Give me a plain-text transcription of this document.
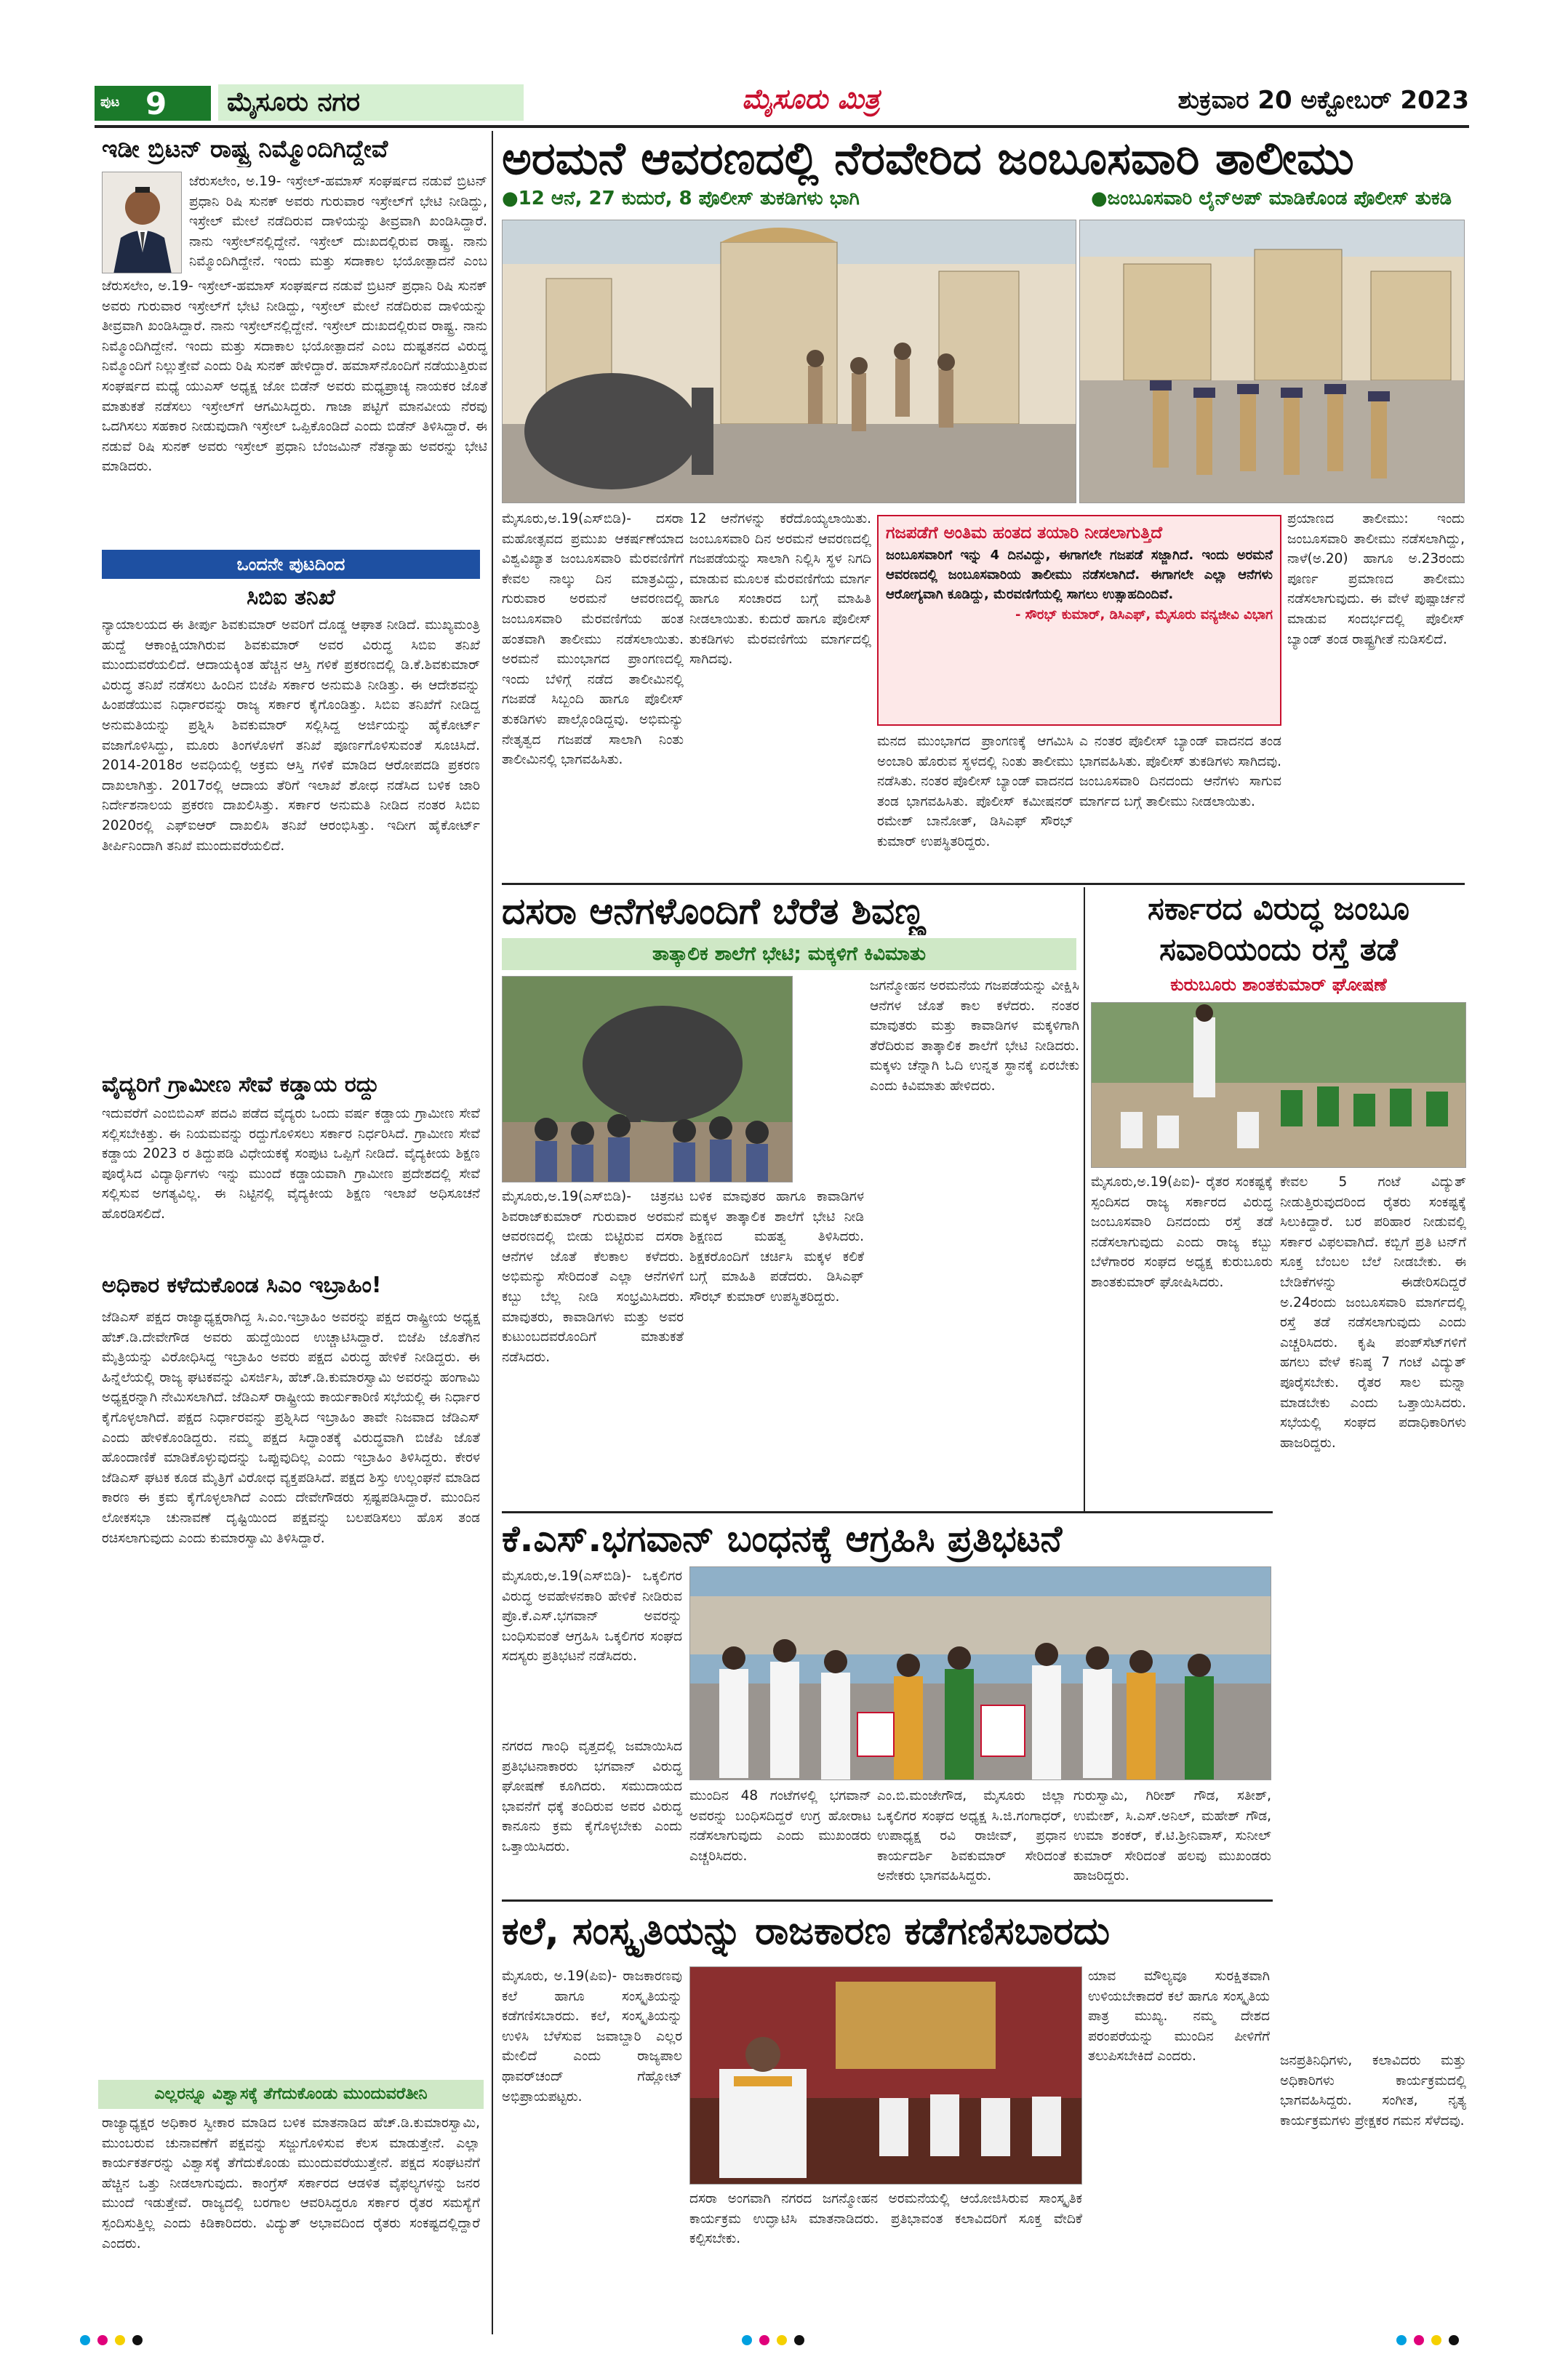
ಪುಟ 9	ಮೈಸೂರು ನಗರ	ಮೈಸೂರು ಮಿತ್ರ	ಶುಕ್ರವಾರ 20 ಅಕ್ಟೋಬರ್ 2023
ಇಡೀ ಬ್ರಿಟನ್ ರಾಷ್ಟ್ರ ನಿಮ್ಮೊಂದಿಗಿದ್ದೇವೆ
ಜೆರುಸಲೇಂ, ಅ.19- ಇಸ್ರೇಲ್-ಹಮಾಸ್ ಸಂಘರ್ಷದ ನಡುವೆ ಬ್ರಿಟನ್ ಪ್ರಧಾನಿ ರಿಷಿ ಸುನಕ್ ಅವರು ಗುರುವಾರ ಇಸ್ರೇಲ್‌ಗೆ ಭೇಟಿ ನೀಡಿದ್ದು, ಇಸ್ರೇಲ್ ಮೇಲೆ ನಡೆದಿರುವ ದಾಳಿಯನ್ನು ತೀವ್ರವಾಗಿ ಖಂಡಿಸಿದ್ದಾರೆ. ನಾನು ಇಸ್ರೇಲ್‌ನಲ್ಲಿದ್ದೇನೆ. ಇಸ್ರೇಲ್ ದುಃಖದಲ್ಲಿರುವ ರಾಷ್ಟ್ರ. ನಾನು ನಿಮ್ಮೊಂದಿಗಿದ್ದೇನೆ. ಇಂದು ಮತ್ತು ಸದಾಕಾಲ ಭಯೋತ್ಪಾದನೆ ಎಂಬ
ಜೆರುಸಲೇಂ, ಅ.19- ಇಸ್ರೇಲ್-ಹಮಾಸ್ ಸಂಘರ್ಷದ ನಡುವೆ ಬ್ರಿಟನ್ ಪ್ರಧಾನಿ ರಿಷಿ ಸುನಕ್ ಅವರು ಗುರುವಾರ ಇಸ್ರೇಲ್‌ಗೆ ಭೇಟಿ ನೀಡಿದ್ದು, ಇಸ್ರೇಲ್ ಮೇಲೆ ನಡೆದಿರುವ ದಾಳಿಯನ್ನು ತೀವ್ರವಾಗಿ ಖಂಡಿಸಿದ್ದಾರೆ. ನಾನು ಇಸ್ರೇಲ್‌ನಲ್ಲಿದ್ದೇನೆ. ಇಸ್ರೇಲ್ ದುಃಖದಲ್ಲಿರುವ ರಾಷ್ಟ್ರ. ನಾನು ನಿಮ್ಮೊಂದಿಗಿದ್ದೇನೆ. ಇಂದು ಮತ್ತು ಸದಾಕಾಲ ಭಯೋತ್ಪಾದನೆ ಎಂಬ ದುಷ್ಟತನದ ವಿರುದ್ಧ ನಿಮ್ಮೊಂದಿಗೆ ನಿಲ್ಲುತ್ತೇವೆ ಎಂದು ರಿಷಿ ಸುನಕ್ ಹೇಳಿದ್ದಾರೆ. ಹಮಾಸ್‌ನೊಂದಿಗೆ ನಡೆಯುತ್ತಿರುವ ಸಂಘರ್ಷದ ಮಧ್ಯೆ ಯುಎಸ್ ಅಧ್ಯಕ್ಷ ಜೋ ಬಿಡೆನ್ ಅವರು ಮಧ್ಯಪ್ರಾಚ್ಯ ನಾಯಕರ ಜೊತೆ ಮಾತುಕತೆ ನಡೆಸಲು ಇಸ್ರೇಲ್‌ಗೆ ಆಗಮಿಸಿದ್ದರು. ಗಾಜಾ ಪಟ್ಟಿಗೆ ಮಾನವೀಯ ನೆರವು ಒದಗಿಸಲು ಸಹಕಾರ ನೀಡುವುದಾಗಿ ಇಸ್ರೇಲ್ ಒಪ್ಪಿಕೊಂಡಿದೆ ಎಂದು ಬಿಡೆನ್ ತಿಳಿಸಿದ್ದಾರೆ. ಈ ನಡುವೆ ರಿಷಿ ಸುನಕ್ ಅವರು ಇಸ್ರೇಲ್ ಪ್ರಧಾನಿ ಬೆಂಜಮಿನ್ ನೆತನ್ಯಾಹು ಅವರನ್ನು ಭೇಟಿ ಮಾಡಿದರು.
ಒಂದನೇ ಪುಟದಿಂದ
ಸಿಬಿಐ ತನಿಖೆ
ನ್ಯಾಯಾಲಯದ ಈ ತೀರ್ಪು ಶಿವಕುಮಾರ್ ಅವರಿಗೆ ದೊಡ್ಡ ಆಘಾತ ನೀಡಿದೆ. ಮುಖ್ಯಮಂತ್ರಿ ಹುದ್ದೆ ಆಕಾಂಕ್ಷಿಯಾಗಿರುವ ಶಿವಕುಮಾರ್ ಅವರ ವಿರುದ್ಧ ಸಿಬಿಐ ತನಿಖೆ ಮುಂದುವರೆಯಲಿದೆ. ಆದಾಯಕ್ಕಿಂತ ಹೆಚ್ಚಿನ ಆಸ್ತಿ ಗಳಿಕೆ ಪ್ರಕರಣದಲ್ಲಿ ಡಿ.ಕೆ.ಶಿವಕುಮಾರ್ ವಿರುದ್ಧ ತನಿಖೆ ನಡೆಸಲು ಹಿಂದಿನ ಬಿಜೆಪಿ ಸರ್ಕಾರ ಅನುಮತಿ ನೀಡಿತ್ತು. ಈ ಆದೇಶವನ್ನು ಹಿಂಪಡೆಯುವ ನಿರ್ಧಾರವನ್ನು ರಾಜ್ಯ ಸರ್ಕಾರ ಕೈಗೊಂಡಿತ್ತು. ಸಿಬಿಐ ತನಿಖೆಗೆ ನೀಡಿದ್ದ ಅನುಮತಿಯನ್ನು ಪ್ರಶ್ನಿಸಿ ಶಿವಕುಮಾರ್ ಸಲ್ಲಿಸಿದ್ದ ಅರ್ಜಿಯನ್ನು ಹೈಕೋರ್ಟ್ ವಜಾಗೊಳಿಸಿದ್ದು, ಮೂರು ತಿಂಗಳೊಳಗೆ ತನಿಖೆ ಪೂರ್ಣಗೊಳಿಸುವಂತೆ ಸೂಚಿಸಿದೆ. 2014-2018ರ ಅವಧಿಯಲ್ಲಿ ಅಕ್ರಮ ಆಸ್ತಿ ಗಳಿಕೆ ಮಾಡಿದ ಆರೋಪದಡಿ ಪ್ರಕರಣ ದಾಖಲಾಗಿತ್ತು. 2017ರಲ್ಲಿ ಆದಾಯ ತೆರಿಗೆ ಇಲಾಖೆ ಶೋಧ ನಡೆಸಿದ ಬಳಿಕ ಜಾರಿ ನಿರ್ದೇಶನಾಲಯ ಪ್ರಕರಣ ದಾಖಲಿಸಿತ್ತು. ಸರ್ಕಾರ ಅನುಮತಿ ನೀಡಿದ ನಂತರ ಸಿಬಿಐ 2020ರಲ್ಲಿ ಎಫ್‌ಐಆರ್ ದಾಖಲಿಸಿ ತನಿಖೆ ಆರಂಭಿಸಿತ್ತು. ಇದೀಗ ಹೈಕೋರ್ಟ್ ತೀರ್ಪಿನಿಂದಾಗಿ ತನಿಖೆ ಮುಂದುವರೆಯಲಿದೆ.
ವೈದ್ಯರಿಗೆ ಗ್ರಾಮೀಣ ಸೇವೆ ಕಡ್ಡಾಯ ರದ್ದು
ಇದುವರೆಗೆ ಎಂಬಿಬಿಎಸ್ ಪದವಿ ಪಡೆದ ವೈದ್ಯರು ಒಂದು ವರ್ಷ ಕಡ್ಡಾಯ ಗ್ರಾಮೀಣ ಸೇವೆ ಸಲ್ಲಿಸಬೇಕಿತ್ತು. ಈ ನಿಯಮವನ್ನು ರದ್ದುಗೊಳಿಸಲು ಸರ್ಕಾರ ನಿರ್ಧರಿಸಿದೆ. ಗ್ರಾಮೀಣ ಸೇವೆ ಕಡ್ಡಾಯ 2023 ರ ತಿದ್ದುಪಡಿ ವಿಧೇಯಕಕ್ಕೆ ಸಂಪುಟ ಒಪ್ಪಿಗೆ ನೀಡಿದೆ. ವೈದ್ಯಕೀಯ ಶಿಕ್ಷಣ ಪೂರೈಸಿದ ವಿದ್ಯಾರ್ಥಿಗಳು ಇನ್ನು ಮುಂದೆ ಕಡ್ಡಾಯವಾಗಿ ಗ್ರಾಮೀಣ ಪ್ರದೇಶದಲ್ಲಿ ಸೇವೆ ಸಲ್ಲಿಸುವ ಅಗತ್ಯವಿಲ್ಲ. ಈ ನಿಟ್ಟಿನಲ್ಲಿ ವೈದ್ಯಕೀಯ ಶಿಕ್ಷಣ ಇಲಾಖೆ ಅಧಿಸೂಚನೆ ಹೊರಡಿಸಲಿದೆ.
ಅಧಿಕಾರ ಕಳೆದುಕೊಂಡ ಸಿಎಂ ಇಬ್ರಾಹಿಂ!
ಜೆಡಿಎಸ್ ಪಕ್ಷದ ರಾಜ್ಯಾಧ್ಯಕ್ಷರಾಗಿದ್ದ ಸಿ.ಎಂ.ಇಬ್ರಾಹಿಂ ಅವರನ್ನು ಪಕ್ಷದ ರಾಷ್ಟ್ರೀಯ ಅಧ್ಯಕ್ಷ ಹೆಚ್.ಡಿ.ದೇವೇಗೌಡ ಅವರು ಹುದ್ದೆಯಿಂದ ಉಚ್ಚಾಟಿಸಿದ್ದಾರೆ. ಬಿಜೆಪಿ ಜೊತೆಗಿನ ಮೈತ್ರಿಯನ್ನು ವಿರೋಧಿಸಿದ್ದ ಇಬ್ರಾಹಿಂ ಅವರು ಪಕ್ಷದ ವಿರುದ್ಧ ಹೇಳಿಕೆ ನೀಡಿದ್ದರು. ಈ ಹಿನ್ನೆಲೆಯಲ್ಲಿ ರಾಜ್ಯ ಘಟಕವನ್ನು ವಿಸರ್ಜಿಸಿ, ಹೆಚ್.ಡಿ.ಕುಮಾರಸ್ವಾಮಿ ಅವರನ್ನು ಹಂಗಾಮಿ ಅಧ್ಯಕ್ಷರನ್ನಾಗಿ ನೇಮಿಸಲಾಗಿದೆ. ಜೆಡಿಎಸ್ ರಾಷ್ಟ್ರೀಯ ಕಾರ್ಯಕಾರಿಣಿ ಸಭೆಯಲ್ಲಿ ಈ ನಿರ್ಧಾರ ಕೈಗೊಳ್ಳಲಾಗಿದೆ. ಪಕ್ಷದ ನಿರ್ಧಾರವನ್ನು ಪ್ರಶ್ನಿಸಿದ ಇಬ್ರಾಹಿಂ ತಾವೇ ನಿಜವಾದ ಜೆಡಿಎಸ್ ಎಂದು ಹೇಳಿಕೊಂಡಿದ್ದರು. ನಮ್ಮ ಪಕ್ಷದ ಸಿದ್ಧಾಂತಕ್ಕೆ ವಿರುದ್ಧವಾಗಿ ಬಿಜೆಪಿ ಜೊತೆ ಹೊಂದಾಣಿಕೆ ಮಾಡಿಕೊಳ್ಳುವುದನ್ನು ಒಪ್ಪುವುದಿಲ್ಲ ಎಂದು ಇಬ್ರಾಹಿಂ ತಿಳಿಸಿದ್ದರು. ಕೇರಳ ಜೆಡಿಎಸ್ ಘಟಕ ಕೂಡ ಮೈತ್ರಿಗೆ ವಿರೋಧ ವ್ಯಕ್ತಪಡಿಸಿದೆ. ಪಕ್ಷದ ಶಿಸ್ತು ಉಲ್ಲಂಘನೆ ಮಾಡಿದ ಕಾರಣ ಈ ಕ್ರಮ ಕೈಗೊಳ್ಳಲಾಗಿದೆ ಎಂದು ದೇವೇಗೌಡರು ಸ್ಪಷ್ಟಪಡಿಸಿದ್ದಾರೆ. ಮುಂದಿನ ಲೋಕಸಭಾ ಚುನಾವಣೆ ದೃಷ್ಟಿಯಿಂದ ಪಕ್ಷವನ್ನು ಬಲಪಡಿಸಲು ಹೊಸ ತಂಡ ರಚಿಸಲಾಗುವುದು ಎಂದು ಕುಮಾರಸ್ವಾಮಿ ತಿಳಿಸಿದ್ದಾರೆ.
ಎಲ್ಲರನ್ನೂ ವಿಶ್ವಾಸಕ್ಕೆ ತೆಗೆದುಕೊಂಡು ಮುಂದುವರೆತೀನಿ
ರಾಜ್ಯಾಧ್ಯಕ್ಷರ ಅಧಿಕಾರ ಸ್ವೀಕಾರ ಮಾಡಿದ ಬಳಿಕ ಮಾತನಾಡಿದ ಹೆಚ್.ಡಿ.ಕುಮಾರಸ್ವಾಮಿ, ಮುಂಬರುವ ಚುನಾವಣೆಗೆ ಪಕ್ಷವನ್ನು ಸಜ್ಜುಗೊಳಿಸುವ ಕೆಲಸ ಮಾಡುತ್ತೇನೆ. ಎಲ್ಲಾ ಕಾರ್ಯಕರ್ತರನ್ನು ವಿಶ್ವಾಸಕ್ಕೆ ತೆಗೆದುಕೊಂಡು ಮುಂದುವರೆಯುತ್ತೇನೆ. ಪಕ್ಷದ ಸಂಘಟನೆಗೆ ಹೆಚ್ಚಿನ ಒತ್ತು ನೀಡಲಾಗುವುದು. ಕಾಂಗ್ರೆಸ್ ಸರ್ಕಾರದ ಆಡಳಿತ ವೈಫಲ್ಯಗಳನ್ನು ಜನರ ಮುಂದೆ ಇಡುತ್ತೇವೆ. ರಾಜ್ಯದಲ್ಲಿ ಬರಗಾಲ ಆವರಿಸಿದ್ದರೂ ಸರ್ಕಾರ ರೈತರ ಸಮಸ್ಯೆಗೆ ಸ್ಪಂದಿಸುತ್ತಿಲ್ಲ ಎಂದು ಕಿಡಿಕಾರಿದರು. ವಿದ್ಯುತ್ ಅಭಾವದಿಂದ ರೈತರು ಸಂಕಷ್ಟದಲ್ಲಿದ್ದಾರೆ ಎಂದರು.
ಅರಮನೆ ಆವರಣದಲ್ಲಿ ನೆರವೇರಿದ ಜಂಬೂಸವಾರಿ ತಾಲೀಮು
●12 ಆನೆ, 27 ಕುದುರೆ, 8 ಪೊಲೀಸ್ ತುಕಡಿಗಳು ಭಾಗಿ	●ಜಂಬೂಸವಾರಿ ಲೈನ್‌ಅಪ್ ಮಾಡಿಕೊಂಡ ಪೊಲೀಸ್ ತುಕಡಿ
ಮೈಸೂರು,ಅ.19(ಎಸ್‌ಬಿಡಿ)- ದಸರಾ ಮಹೋತ್ಸವದ ಪ್ರಮುಖ ಆಕರ್ಷಣೆಯಾದ ವಿಶ್ವವಿಖ್ಯಾತ ಜಂಬೂಸವಾರಿ ಮೆರವಣಿಗೆಗೆ ಕೇವಲ ನಾಲ್ಕು ದಿನ ಮಾತ್ರವಿದ್ದು, ಗುರುವಾರ ಅರಮನೆ ಆವರಣದಲ್ಲಿ ಜಂಬೂಸವಾರಿ ಮೆರವಣಿಗೆಯ ಹಂತ ಹಂತವಾಗಿ ತಾಲೀಮು ನಡೆಸಲಾಯಿತು. ಅರಮನೆ ಮುಂಭಾಗದ ಪ್ರಾಂಗಣದಲ್ಲಿ ಇಂದು ಬೆಳಿಗ್ಗೆ ನಡೆದ ತಾಲೀಮಿನಲ್ಲಿ ಗಜಪಡೆ ಸಿಬ್ಬಂದಿ ಹಾಗೂ ಪೊಲೀಸ್ ತುಕಡಿಗಳು ಪಾಲ್ಗೊಂಡಿದ್ದವು. ಅಭಿಮನ್ಯು ನೇತೃತ್ವದ ಗಜಪಡೆ ಸಾಲಾಗಿ ನಿಂತು ತಾಲೀಮಿನಲ್ಲಿ ಭಾಗವಹಿಸಿತು.
12 ಆನೆಗಳನ್ನು ಕರೆದೊಯ್ಯಲಾಯಿತು. ಜಂಬೂಸವಾರಿ ದಿನ ಅರಮನೆ ಆವರಣದಲ್ಲಿ ಗಜಪಡೆಯನ್ನು ಸಾಲಾಗಿ ನಿಲ್ಲಿಸಿ ಸ್ಥಳ ನಿಗದಿ ಮಾಡುವ ಮೂಲಕ ಮೆರವಣಿಗೆಯ ಮಾರ್ಗ ಹಾಗೂ ಸಂಚಾರದ ಬಗ್ಗೆ ಮಾಹಿತಿ ನೀಡಲಾಯಿತು. ಕುದುರೆ ಹಾಗೂ ಪೊಲೀಸ್ ತುಕಡಿಗಳು ಮೆರವಣಿಗೆಯ ಮಾರ್ಗದಲ್ಲಿ ಸಾಗಿದವು.
ಗಜಪಡೆಗೆ ಅಂತಿಮ ಹಂತದ ತಯಾರಿ ನೀಡಲಾಗುತ್ತಿದೆ
ಜಂಬೂಸವಾರಿಗೆ ಇನ್ನು 4 ದಿನವಿದ್ದು, ಈಗಾಗಲೇ ಗಜಪಡೆ ಸಜ್ಜಾಗಿದೆ. ಇಂದು ಅರಮನೆ ಆವರಣದಲ್ಲಿ ಜಂಬೂಸವಾರಿಯ ತಾಲೀಮು ನಡೆಸಲಾಗಿದೆ. ಈಗಾಗಲೇ ಎಲ್ಲಾ ಆನೆಗಳು ಆರೋಗ್ಯವಾಗಿ ಕೂಡಿದ್ದು, ಮೆರವಣಿಗೆಯಲ್ಲಿ ಸಾಗಲು ಉತ್ಸಾಹದಿಂದಿವೆ.
- ಸೌರಭ್ ಕುಮಾರ್, ಡಿಸಿಎಫ್, ಮೈಸೂರು ವನ್ಯಜೀವಿ ವಿಭಾಗ
ಮನದ ಮುಂಭಾಗದ ಪ್ರಾಂಗಣಕ್ಕೆ ಆಗಮಿಸಿ ಅಂಬಾರಿ ಹೊರುವ ಸ್ಥಳದಲ್ಲಿ ನಿಂತು ತಾಲೀಮು ನಡೆಸಿತು. ನಂತರ ಪೊಲೀಸ್ ಬ್ಯಾಂಡ್ ವಾದನದ ತಂಡ ಭಾಗವಹಿಸಿತು. ಪೊಲೀಸ್ ಕಮೀಷನರ್ ರಮೇಶ್ ಬಾನೋತ್, ಡಿಸಿಎಫ್ ಸೌರಭ್ ಕುಮಾರ್ ಉಪಸ್ಥಿತರಿದ್ದರು.
ಎ ನಂತರ ಪೊಲೀಸ್ ಬ್ಯಾಂಡ್ ವಾದನದ ತಂಡ ಭಾಗವಹಿಸಿತು. ಪೊಲೀಸ್ ತುಕಡಿಗಳು ಸಾಗಿದವು. ಜಂಬೂಸವಾರಿ ದಿನದಂದು ಆನೆಗಳು ಸಾಗುವ ಮಾರ್ಗದ ಬಗ್ಗೆ ತಾಲೀಮು ನೀಡಲಾಯಿತು.
ಪ್ರಯಾಣದ ತಾಲೀಮು: ಇಂದು ಜಂಬೂಸವಾರಿ ತಾಲೀಮು ನಡೆಸಲಾಗಿದ್ದು, ನಾಳೆ(ಅ.20) ಹಾಗೂ ಅ.23ರಂದು ಪೂರ್ಣ ಪ್ರಮಾಣದ ತಾಲೀಮು ನಡೆಸಲಾಗುವುದು. ಈ ವೇಳೆ ಪುಷ್ಪಾರ್ಚನೆ ಮಾಡುವ ಸಂದರ್ಭದಲ್ಲಿ ಪೊಲೀಸ್ ಬ್ಯಾಂಡ್ ತಂಡ ರಾಷ್ಟ್ರಗೀತೆ ನುಡಿಸಲಿದೆ.
ದಸರಾ ಆನೆಗಳೊಂದಿಗೆ ಬೆರೆತ ಶಿವಣ್ಣ
ತಾತ್ಕಾಲಿಕ ಶಾಲೆಗೆ ಭೇಟಿ; ಮಕ್ಕಳಿಗೆ ಕಿವಿಮಾತು
ಜಗನ್ಮೋಹನ ಅರಮನೆಯ ಗಜಪಡೆಯನ್ನು ವೀಕ್ಷಿಸಿ ಆನೆಗಳ ಜೊತೆ ಕಾಲ ಕಳೆದರು. ನಂತರ ಮಾವುತರು ಮತ್ತು ಕಾವಾಡಿಗಳ ಮಕ್ಕಳಿಗಾಗಿ ತೆರೆದಿರುವ ತಾತ್ಕಾಲಿಕ ಶಾಲೆಗೆ ಭೇಟಿ ನೀಡಿದರು. ಮಕ್ಕಳು ಚೆನ್ನಾಗಿ ಓದಿ ಉನ್ನತ ಸ್ಥಾನಕ್ಕೆ ಏರಬೇಕು ಎಂದು ಕಿವಿಮಾತು ಹೇಳಿದರು.
ಮೈಸೂರು,ಅ.19(ಎಸ್‌ಬಿಡಿ)- ಚಿತ್ರನಟ ಶಿವರಾಜ್‌ಕುಮಾರ್ ಗುರುವಾರ ಅರಮನೆ ಆವರಣದಲ್ಲಿ ಬೀಡು ಬಿಟ್ಟಿರುವ ದಸರಾ ಆನೆಗಳ ಜೊತೆ ಕೆಲಕಾಲ ಕಳೆದರು. ಅಭಿಮನ್ಯು ಸೇರಿದಂತೆ ಎಲ್ಲಾ ಆನೆಗಳಿಗೆ ಕಬ್ಬು ಬೆಲ್ಲ ನೀಡಿ ಸಂಭ್ರಮಿಸಿದರು. ಮಾವುತರು, ಕಾವಾಡಿಗಳು ಮತ್ತು ಅವರ ಕುಟುಂಬದವರೊಂದಿಗೆ ಮಾತುಕತೆ ನಡೆಸಿದರು.
ಬಳಿಕ ಮಾವುತರ ಹಾಗೂ ಕಾವಾಡಿಗಳ ಮಕ್ಕಳ ತಾತ್ಕಾಲಿಕ ಶಾಲೆಗೆ ಭೇಟಿ ನೀಡಿ ಶಿಕ್ಷಣದ ಮಹತ್ವ ತಿಳಿಸಿದರು. ಶಿಕ್ಷಕರೊಂದಿಗೆ ಚರ್ಚಿಸಿ ಮಕ್ಕಳ ಕಲಿಕೆ ಬಗ್ಗೆ ಮಾಹಿತಿ ಪಡೆದರು. ಡಿಸಿಎಫ್ ಸೌರಭ್ ಕುಮಾರ್ ಉಪಸ್ಥಿತರಿದ್ದರು.
ಸರ್ಕಾರದ ವಿರುದ್ಧ ಜಂಬೂ ಸವಾರಿಯಂದು ರಸ್ತೆ ತಡೆ
ಕುರುಬೂರು ಶಾಂತಕುಮಾರ್ ಘೋಷಣೆ
ಮೈಸೂರು,ಅ.19(ಪಿಐ)- ರೈತರ ಸಂಕಷ್ಟಕ್ಕೆ ಸ್ಪಂದಿಸದ ರಾಜ್ಯ ಸರ್ಕಾರದ ವಿರುದ್ಧ ಜಂಬೂಸವಾರಿ ದಿನದಂದು ರಸ್ತೆ ತಡೆ ನಡೆಸಲಾಗುವುದು ಎಂದು ರಾಜ್ಯ ಕಬ್ಬು ಬೆಳೆಗಾರರ ಸಂಘದ ಅಧ್ಯಕ್ಷ ಕುರುಬೂರು ಶಾಂತಕುಮಾರ್ ಘೋಷಿಸಿದರು.
ಕೇವಲ 5 ಗಂಟೆ ವಿದ್ಯುತ್ ನೀಡುತ್ತಿರುವುದರಿಂದ ರೈತರು ಸಂಕಷ್ಟಕ್ಕೆ ಸಿಲುಕಿದ್ದಾರೆ. ಬರ ಪರಿಹಾರ ನೀಡುವಲ್ಲಿ ಸರ್ಕಾರ ವಿಫಲವಾಗಿದೆ. ಕಬ್ಬಿಗೆ ಪ್ರತಿ ಟನ್‌ಗೆ ಸೂಕ್ತ ಬೆಂಬಲ ಬೆಲೆ ನೀಡಬೇಕು. ಈ ಬೇಡಿಕೆಗಳನ್ನು ಈಡೇರಿಸದಿದ್ದರೆ ಅ.24ರಂದು ಜಂಬೂಸವಾರಿ ಮಾರ್ಗದಲ್ಲಿ ರಸ್ತೆ ತಡೆ ನಡೆಸಲಾಗುವುದು ಎಂದು ಎಚ್ಚರಿಸಿದರು. ಕೃಷಿ ಪಂಪ್‌ಸೆಟ್‌ಗಳಿಗೆ ಹಗಲು ವೇಳೆ ಕನಿಷ್ಠ 7 ಗಂಟೆ ವಿದ್ಯುತ್ ಪೂರೈಸಬೇಕು. ರೈತರ ಸಾಲ ಮನ್ನಾ ಮಾಡಬೇಕು ಎಂದು ಒತ್ತಾಯಿಸಿದರು. ಸಭೆಯಲ್ಲಿ ಸಂಘದ ಪದಾಧಿಕಾರಿಗಳು ಹಾಜರಿದ್ದರು.
ಕೆ.ಎಸ್.ಭಗವಾನ್ ಬಂಧನಕ್ಕೆ ಆಗ್ರಹಿಸಿ ಪ್ರತಿಭಟನೆ
ಮೈಸೂರು,ಅ.19(ಎಸ್‌ಬಿಡಿ)- ಒಕ್ಕಲಿಗರ ವಿರುದ್ಧ ಅವಹೇಳನಕಾರಿ ಹೇಳಿಕೆ ನೀಡಿರುವ ಪ್ರೊ.ಕೆ.ಎಸ್.ಭಗವಾನ್ ಅವರನ್ನು ಬಂಧಿಸುವಂತೆ ಆಗ್ರಹಿಸಿ ಒಕ್ಕಲಿಗರ ಸಂಘದ ಸದಸ್ಯರು ಪ್ರತಿಭಟನೆ ನಡೆಸಿದರು.
ನಗರದ ಗಾಂಧಿ ವೃತ್ತದಲ್ಲಿ ಜಮಾಯಿಸಿದ ಪ್ರತಿಭಟನಾಕಾರರು ಭಗವಾನ್ ವಿರುದ್ಧ ಘೋಷಣೆ ಕೂಗಿದರು. ಸಮುದಾಯದ ಭಾವನೆಗೆ ಧಕ್ಕೆ ತಂದಿರುವ ಅವರ ವಿರುದ್ಧ ಕಾನೂನು ಕ್ರಮ ಕೈಗೊಳ್ಳಬೇಕು ಎಂದು ಒತ್ತಾಯಿಸಿದರು.
ಮುಂದಿನ 48 ಗಂಟೆಗಳಲ್ಲಿ ಭಗವಾನ್ ಅವರನ್ನು ಬಂಧಿಸದಿದ್ದರೆ ಉಗ್ರ ಹೋರಾಟ ನಡೆಸಲಾಗುವುದು ಎಂದು ಮುಖಂಡರು ಎಚ್ಚರಿಸಿದರು.
ಎಂ.ಬಿ.ಮಂಜೇಗೌಡ, ಮೈಸೂರು ಜಿಲ್ಲಾ ಒಕ್ಕಲಿಗರ ಸಂಘದ ಅಧ್ಯಕ್ಷ ಸಿ.ಜಿ.ಗಂಗಾಧರ್, ಉಪಾಧ್ಯಕ್ಷ ರವಿ ರಾಜೀವ್, ಪ್ರಧಾನ ಕಾರ್ಯದರ್ಶಿ ಶಿವಕುಮಾರ್ ಸೇರಿದಂತೆ ಅನೇಕರು ಭಾಗವಹಿಸಿದ್ದರು.
ಗುರುಸ್ವಾಮಿ, ಗಿರೀಶ್ ಗೌಡ, ಸತೀಶ್, ಉಮೇಶ್, ಸಿ.ಎಸ್.ಅನಿಲ್, ಮಹೇಶ್ ಗೌಡ, ಉಮಾ ಶಂಕರ್, ಕೆ.ಟಿ.ಶ್ರೀನಿವಾಸ್, ಸುನೀಲ್ ಕುಮಾರ್ ಸೇರಿದಂತೆ ಹಲವು ಮುಖಂಡರು ಹಾಜರಿದ್ದರು.
ಕಲೆ, ಸಂಸ್ಕೃತಿಯನ್ನು ರಾಜಕಾರಣ ಕಡೆಗಣಿಸಬಾರದು
ಮೈಸೂರು, ಅ.19(ಪಿಐ)- ರಾಜಕಾರಣವು ಕಲೆ ಹಾಗೂ ಸಂಸ್ಕೃತಿಯನ್ನು ಕಡೆಗಣಿಸಬಾರದು. ಕಲೆ, ಸಂಸ್ಕೃತಿಯನ್ನು ಉಳಿಸಿ ಬೆಳೆಸುವ ಜವಾಬ್ದಾರಿ ಎಲ್ಲರ ಮೇಲಿದೆ ಎಂದು ರಾಜ್ಯಪಾಲ ಥಾವರ್‌ಚಂದ್ ಗೆಹ್ಲೋಟ್ ಅಭಿಪ್ರಾಯಪಟ್ಟರು.
ದಸರಾ ಅಂಗವಾಗಿ ನಗರದ ಜಗನ್ಮೋಹನ ಅರಮನೆಯಲ್ಲಿ ಆಯೋಜಿಸಿರುವ ಸಾಂಸ್ಕೃತಿಕ ಕಾರ್ಯಕ್ರಮ ಉದ್ಘಾಟಿಸಿ ಮಾತನಾಡಿದರು. ಪ್ರತಿಭಾವಂತ ಕಲಾವಿದರಿಗೆ ಸೂಕ್ತ ವೇದಿಕೆ ಕಲ್ಪಿಸಬೇಕು.
ಯಾವ ಮೌಲ್ಯವೂ ಸುರಕ್ಷಿತವಾಗಿ ಉಳಿಯಬೇಕಾದರೆ ಕಲೆ ಹಾಗೂ ಸಂಸ್ಕೃತಿಯ ಪಾತ್ರ ಮುಖ್ಯ. ನಮ್ಮ ದೇಶದ ಪರಂಪರೆಯನ್ನು ಮುಂದಿನ ಪೀಳಿಗೆಗೆ ತಲುಪಿಸಬೇಕಿದೆ ಎಂದರು.	ಜನಪ್ರತಿನಿಧಿಗಳು, ಕಲಾವಿದರು ಮತ್ತು ಅಧಿಕಾರಿಗಳು ಕಾರ್ಯಕ್ರಮದಲ್ಲಿ ಭಾಗವಹಿಸಿದ್ದರು. ಸಂಗೀತ, ನೃತ್ಯ ಕಾರ್ಯಕ್ರಮಗಳು ಪ್ರೇಕ್ಷಕರ ಗಮನ ಸೆಳೆದವು.
